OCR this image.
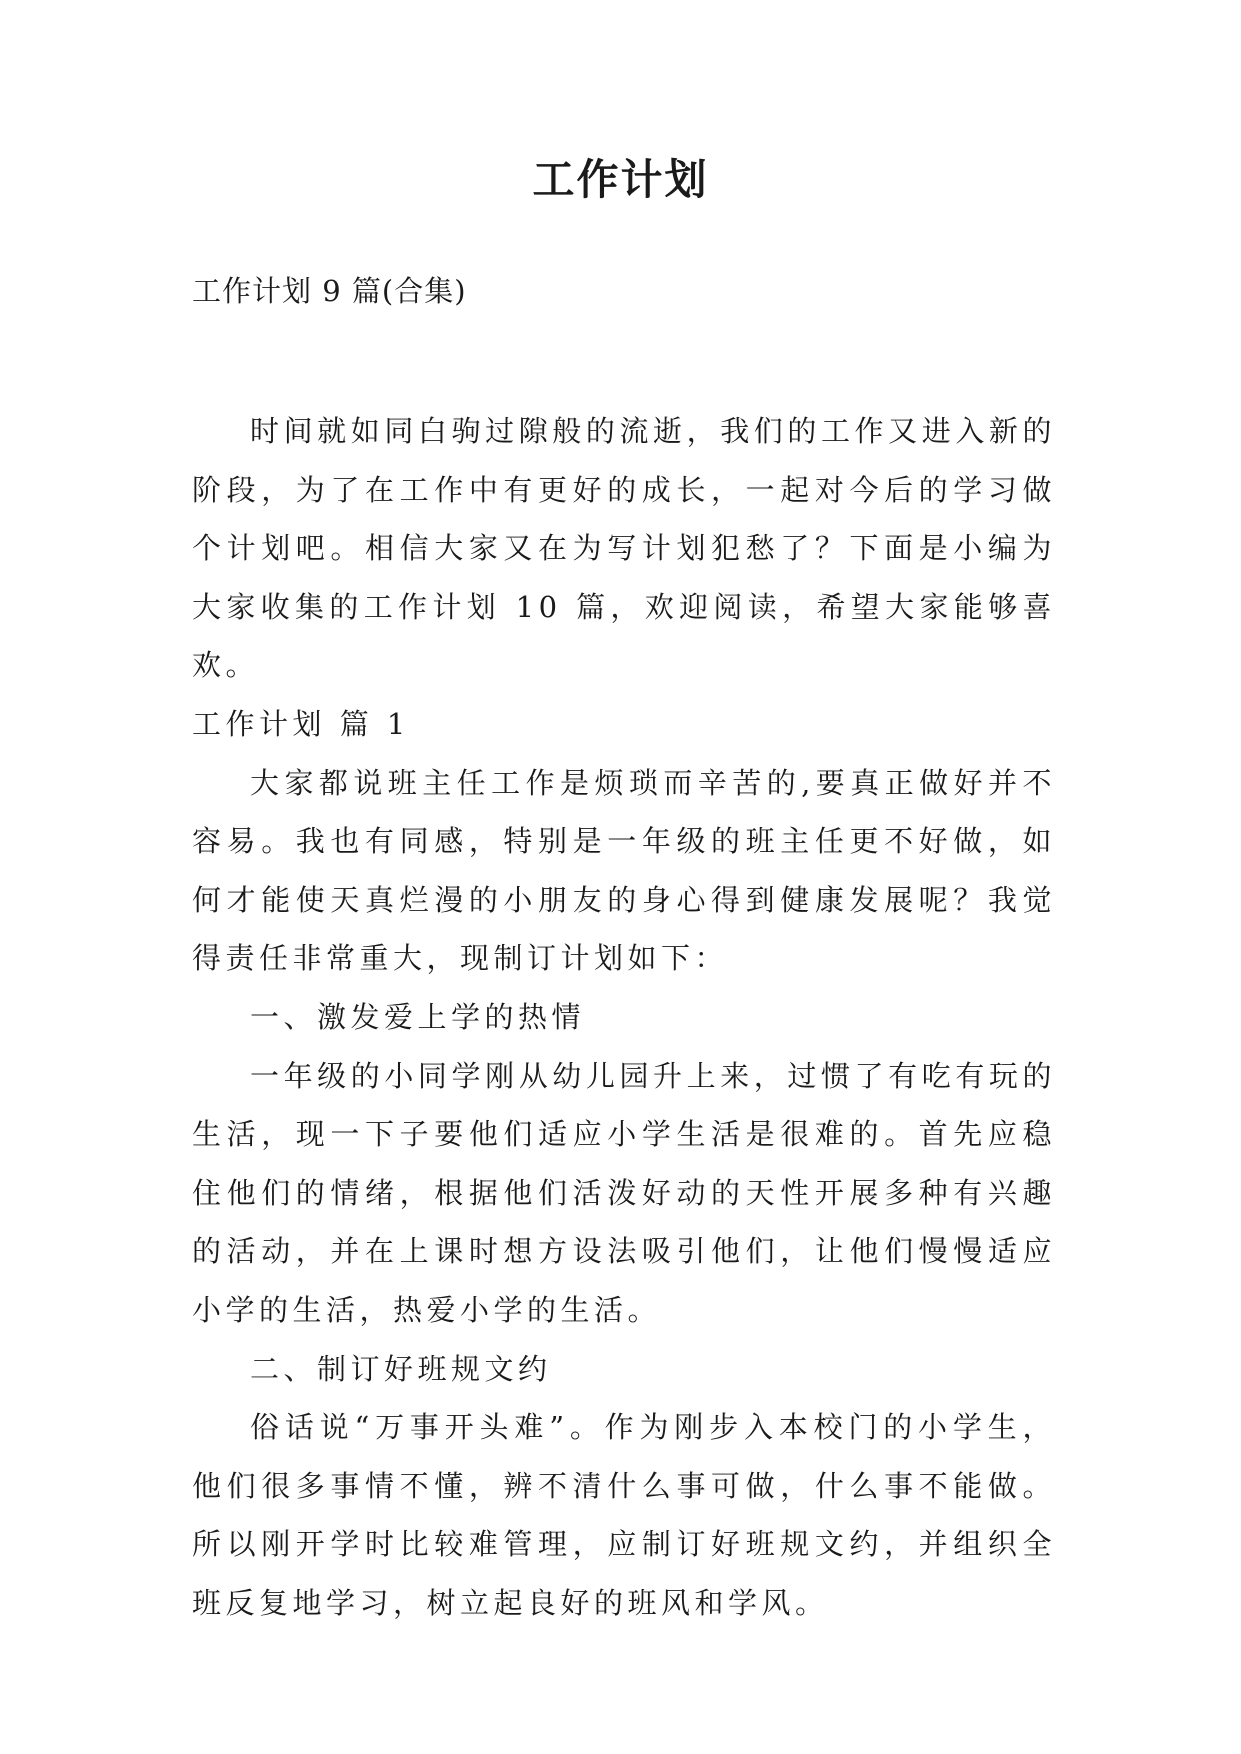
工作计划

工作计划 9 篇(合集)

时间就如同白驹过隙般的流逝，我们的工作又进入新的阶段，为了在工作中有更好的成长，一起对今后的学习做个计划吧。相信大家又在为写计划犯愁了？下面是小编为大家收集的工作计划 10 篇，欢迎阅读，希望大家能够喜欢。

工作计划 篇 1

大家都说班主任工作是烦琐而辛苦的,要真正做好并不容易。我也有同感，特别是一年级的班主任更不好做，如何才能使天真烂漫的小朋友的身心得到健康发展呢？我觉得责任非常重大，现制订计划如下：

一、激发爱上学的热情

一年级的小同学刚从幼儿园升上来，过惯了有吃有玩的生活，现一下子要他们适应小学生活是很难的。首先应稳住他们的情绪，根据他们活泼好动的天性开展多种有兴趣的活动，并在上课时想方设法吸引他们，让他们慢慢适应小学的生活，热爱小学的生活。

二、制订好班规文约

俗话说“万事开头难”。作为刚步入本校门的小学生，他们很多事情不懂，辨不清什么事可做，什么事不能做。所以刚开学时比较难管理，应制订好班规文约，并组织全班反复地学习，树立起良好的班风和学风。
